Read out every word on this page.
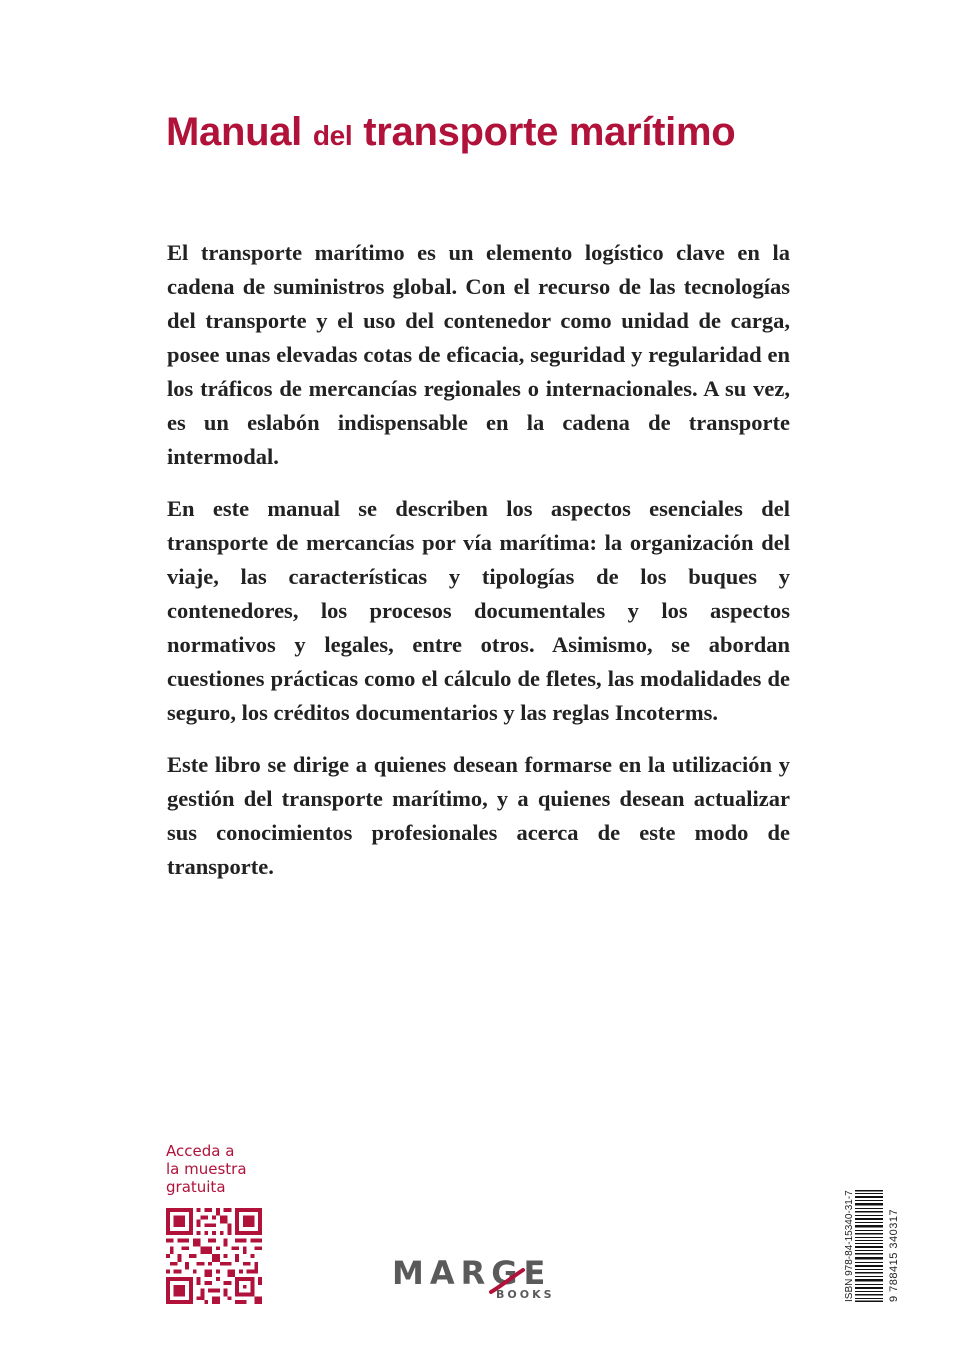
Manual del transporte marítimo

El transporte marítimo es un elemento logístico clave en la cadena de suministros global. Con el recurso de las tecnologías del transporte y el uso del contenedor como unidad de carga, posee unas elevadas cotas de eficacia, seguridad y regularidad en los tráficos de mercancías regionales o internacionales. A su vez, es un eslabón indispensable en la cadena de transporte intermodal.

En este manual se describen los aspectos esenciales del transporte de mercancías por vía marítima: la organización del viaje, las características y tipologías de los buques y contenedores, los procesos documentales y los aspectos normativos y legales, entre otros. Asimismo, se abordan cuestiones prácticas como el cálculo de fletes, las modalidades de seguro, los créditos documentarios y las reglas Incoterms.

Este libro se dirige a quienes desean formarse en la utilización y gestión del transporte marítimo, y a quienes desean actualizar sus conocimientos profesionales acerca de este modo de transporte.

Acceda a
la muestra
gratuita
MARGE
BOOKS	ISBN 978-84-15340-31-7	9 788415 340317
